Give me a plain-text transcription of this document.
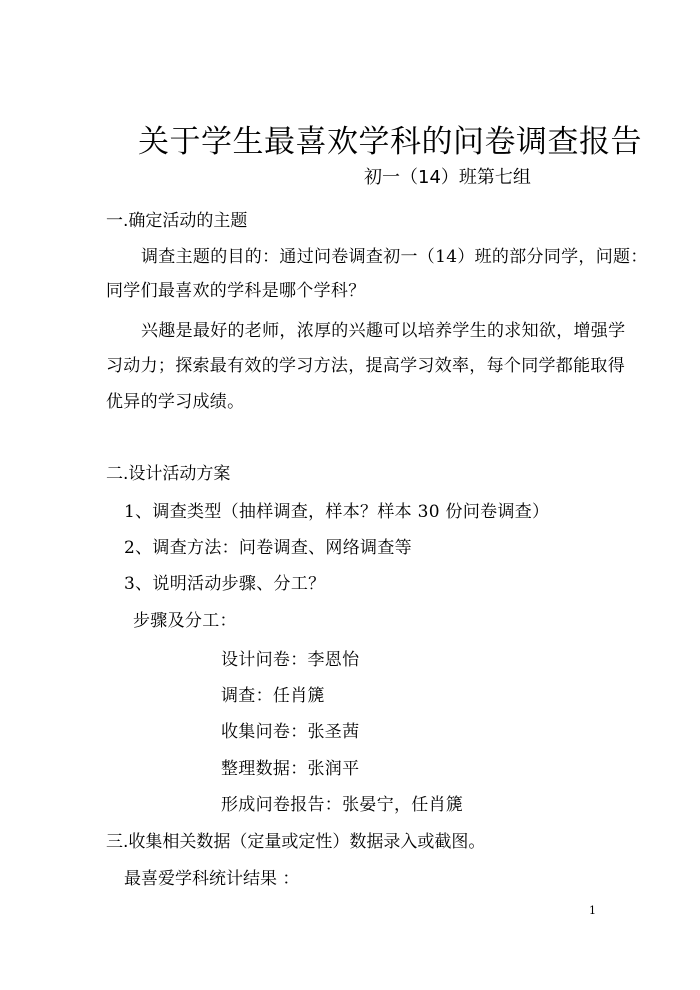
关于学生最喜欢学科的问卷调查报告
初一（14）班第七组
一.确定活动的主题
调查主题的目的：通过问卷调查初一（14）班的部分同学，问题：
同学们最喜欢的学科是哪个学科？
兴趣是最好的老师，浓厚的兴趣可以培养学生的求知欲，增强学
习动力；探索最有效的学习方法，提高学习效率，每个同学都能取得
优异的学习成绩。
二.设计活动方案
1、调查类型（抽样调查，样本？样本 30 份问卷调查）
2、调查方法：问卷调查、网络调查等
3、说明活动步骤、分工？
步骤及分工：
设计问卷：李恩怡
调查：任肖篪
收集问卷：张圣茜
整理数据：张润平
形成问卷报告：张晏宁，任肖篪
三.收集相关数据（定量或定性）数据录入或截图。
最喜爱学科统计结果 ：
1
